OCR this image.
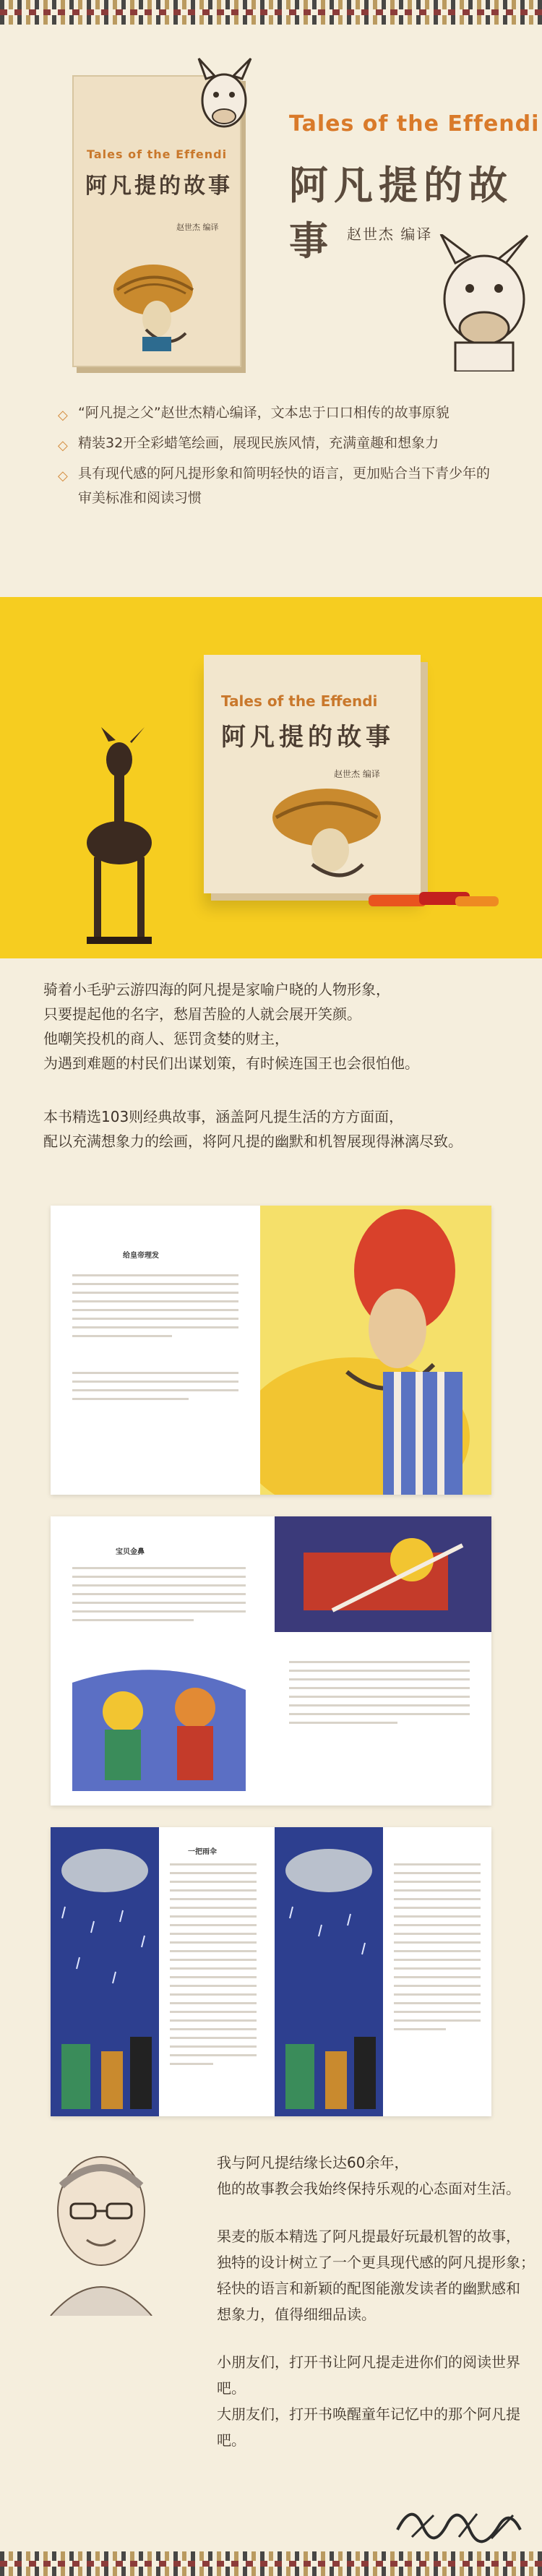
Tales of the Effendi
阿凡提的故事
赵世杰 编译
Tales of the Effendi
阿凡提的故事 赵世杰 编译
◇ “阿凡提之父”赵世杰精心编译，文本忠于口口相传的故事原貌
◇ 精装32开全彩蜡笔绘画，展现民族风情，充满童趣和想象力
◇ 具有现代感的阿凡提形象和简明轻快的语言，更加贴合当下青少年的审美标准和阅读习惯
Tales of the Effendi
阿凡提的故事
赵世杰 编译

骑着小毛驴云游四海的阿凡提是家喻户晓的人物形象，

只要提起他的名字，愁眉苦脸的人就会展开笑颜。

他嘲笑投机的商人、惩罚贪婪的财主，

为遇到难题的村民们出谋划策，有时候连国王也会很怕他。

本书精选103则经典故事，涵盖阿凡提生活的方方面面，

配以充满想象力的绘画，将阿凡提的幽默和机智展现得淋漓尽致。

给皇帝理发
宝贝金鼻
一把雨伞

我与阿凡提结缘长达60余年，

他的故事教会我始终保持乐观的心态面对生活。

果麦的版本精选了阿凡提最好玩最机智的故事，

独特的设计树立了一个更具现代感的阿凡提形象；

轻快的语言和新颖的配图能激发读者的幽默感和

想象力，值得细细品读。

小朋友们，打开书让阿凡提走进你们的阅读世界吧。

大朋友们，打开书唤醒童年记忆中的那个阿凡提吧。
